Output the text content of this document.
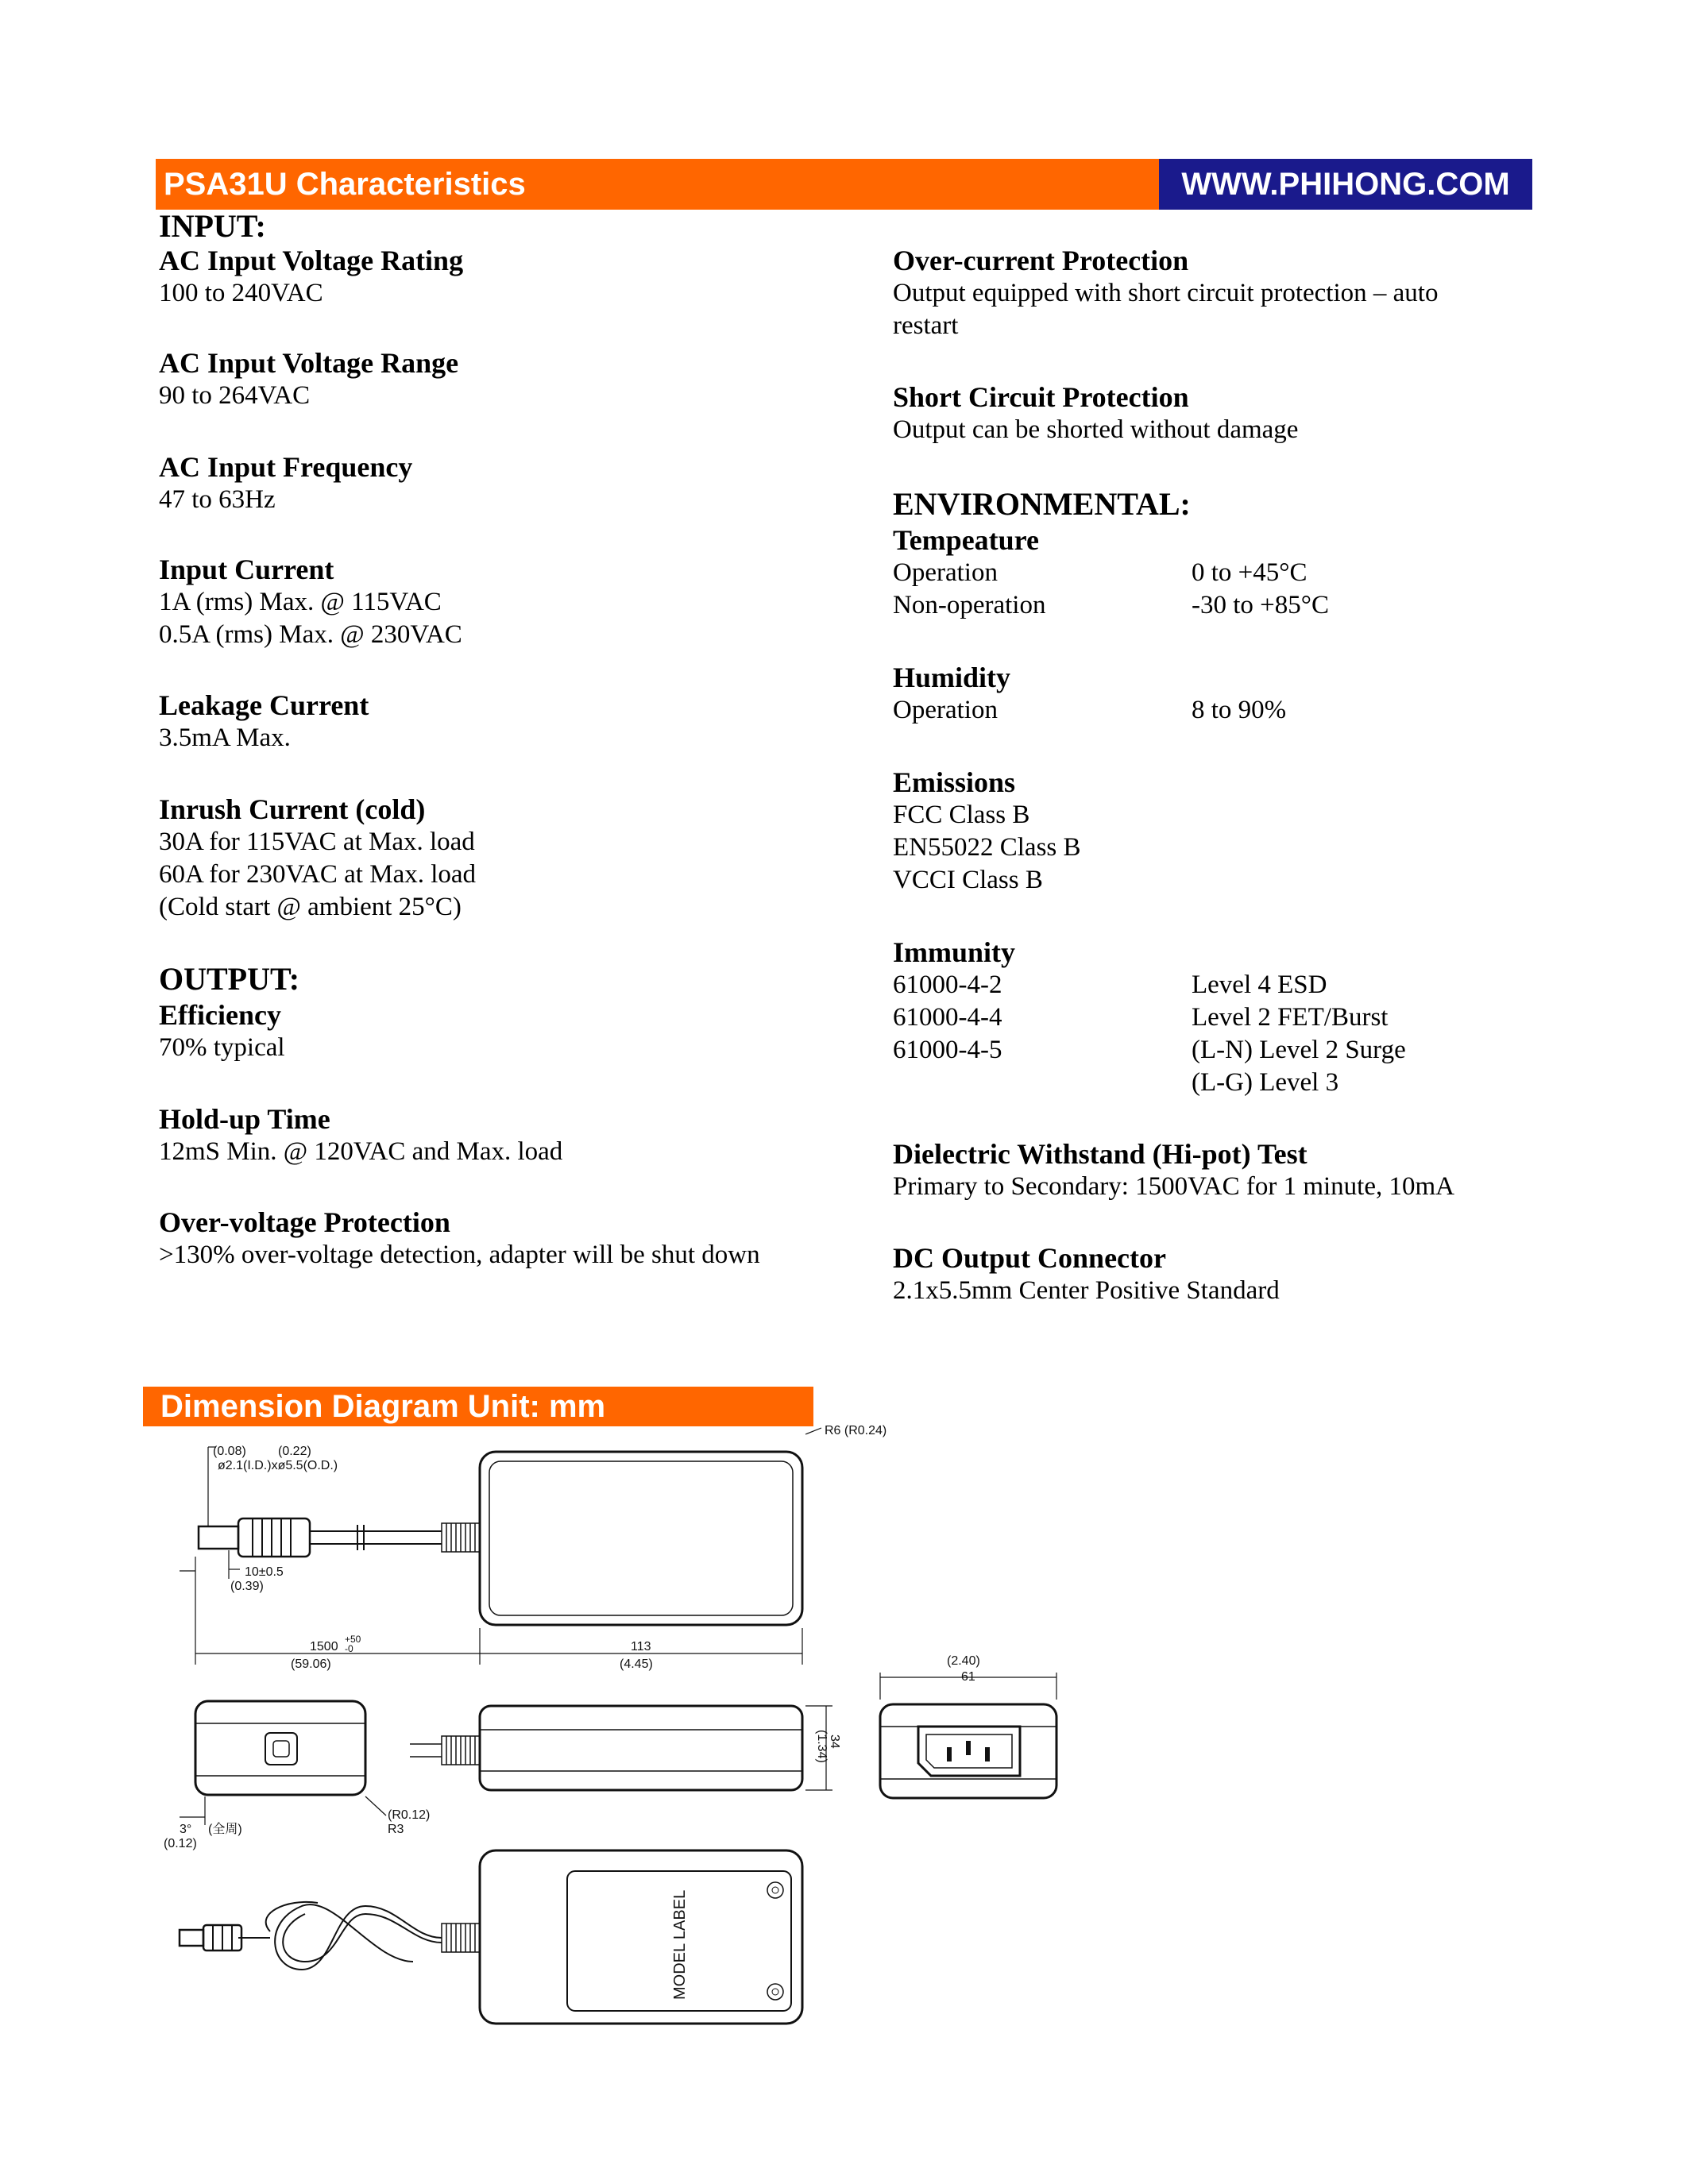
PSA31U Characteristics	WWW.PHIHONG.COM
INPUT:
AC Input Voltage Rating
100 to 240VAC
AC Input Voltage Range
90 to 264VAC
AC Input Frequency
47 to 63Hz
Input Current
1A (rms) Max. @ 115VAC
0.5A (rms) Max. @ 230VAC
Leakage Current
3.5mA Max.
Inrush Current (cold)
30A for 115VAC at Max. load
60A for 230VAC at Max. load
(Cold start @ ambient 25°C)
OUTPUT:
Efficiency
70% typical
Hold-up Time
12mS Min. @ 120VAC and Max. load
Over-voltage Protection
>130% over-voltage detection, adapter will be shut down
Over-current Protection
Output equipped with short circuit protection – auto
restart
Short Circuit Protection
Output can be shorted without damage
ENVIRONMENTAL:
Tempeature
Operation	0 to +45°C
Non-operation	-30 to +85°C
Humidity
Operation	8 to 90%
Emissions
FCC Class B
EN55022 Class B
VCCI Class B
Immunity
61000-4-2	Level 4 ESD
61000-4-4	Level 2 FET/Burst
61000-4-5	(L-N) Level 2 Surge
(L-G) Level 3
Dielectric Withstand (Hi-pot) Test
Primary to Secondary: 1500VAC for 1 minute, 10mA
DC Output Connector
2.1x5.5mm Center Positive Standard
Dimension Diagram Unit: mm
(0.08)	(0.22)
ø2.1(I.D.)xø5.5(O.D.)
10±0.5
(0.39)
R6 (R0.24)
1500
+50
-0
(59.06)
113
(4.45)
3° (全周)
(0.12)
(R0.12)
R3
34
(1.34)
(2.40)
61
MODEL LABEL
